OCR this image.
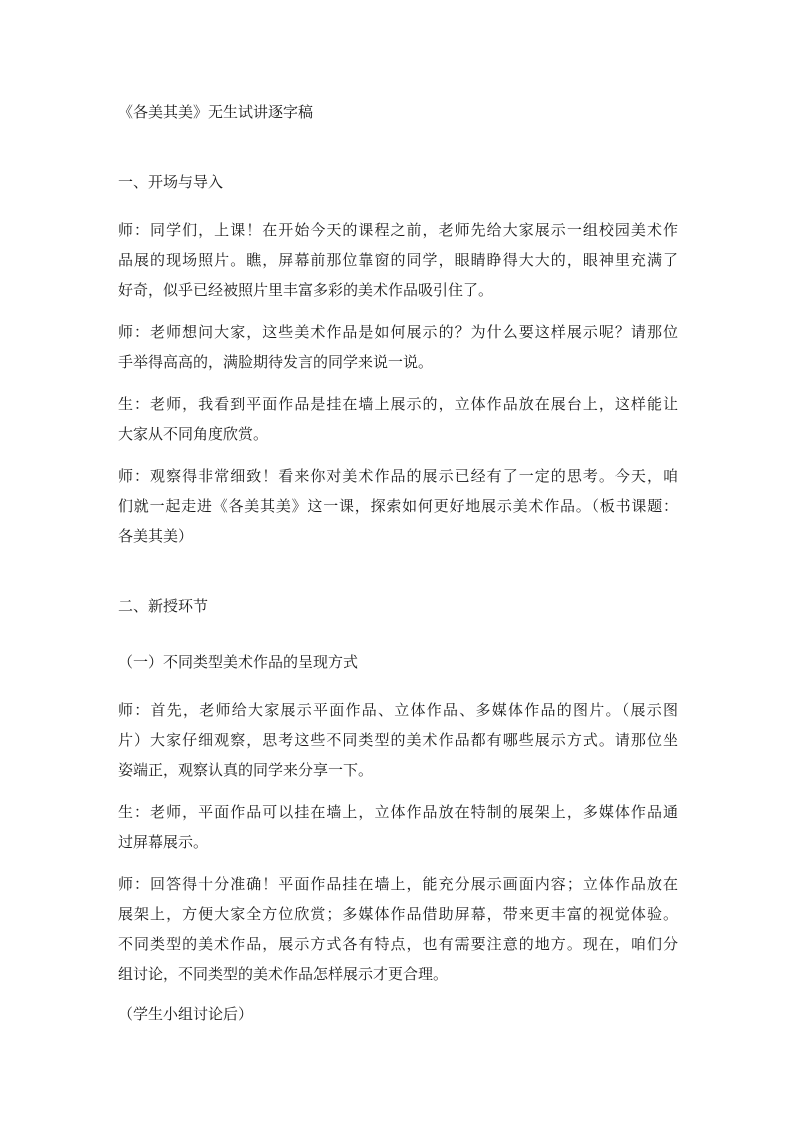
《各美其美》无生试讲逐字稿
一、开场与导入
师：同学们，上课！在开始今天的课程之前，老师先给大家展示一组校园美术作
品展的现场照片。瞧，屏幕前那位靠窗的同学，眼睛睁得大大的，眼神里充满了
好奇，似乎已经被照片里丰富多彩的美术作品吸引住了。
师：老师想问大家，这些美术作品是如何展示的？为什么要这样展示呢？请那位
手举得高高的，满脸期待发言的同学来说一说。
生：老师，我看到平面作品是挂在墙上展示的，立体作品放在展台上，这样能让
大家从不同角度欣赏。
师：观察得非常细致！看来你对美术作品的展示已经有了一定的思考。今天，咱
们就一起走进《各美其美》这一课，探索如何更好地展示美术作品。（板书课题：
各美其美）
二、新授环节
（一）不同类型美术作品的呈现方式
师：首先，老师给大家展示平面作品、立体作品、多媒体作品的图片。（展示图
片）大家仔细观察，思考这些不同类型的美术作品都有哪些展示方式。请那位坐
姿端正，观察认真的同学来分享一下。
生：老师，平面作品可以挂在墙上，立体作品放在特制的展架上，多媒体作品通
过屏幕展示。
师：回答得十分准确！平面作品挂在墙上，能充分展示画面内容；立体作品放在
展架上，方便大家全方位欣赏；多媒体作品借助屏幕，带来更丰富的视觉体验。
不同类型的美术作品，展示方式各有特点，也有需要注意的地方。现在，咱们分
组讨论，不同类型的美术作品怎样展示才更合理。
（学生小组讨论后）
